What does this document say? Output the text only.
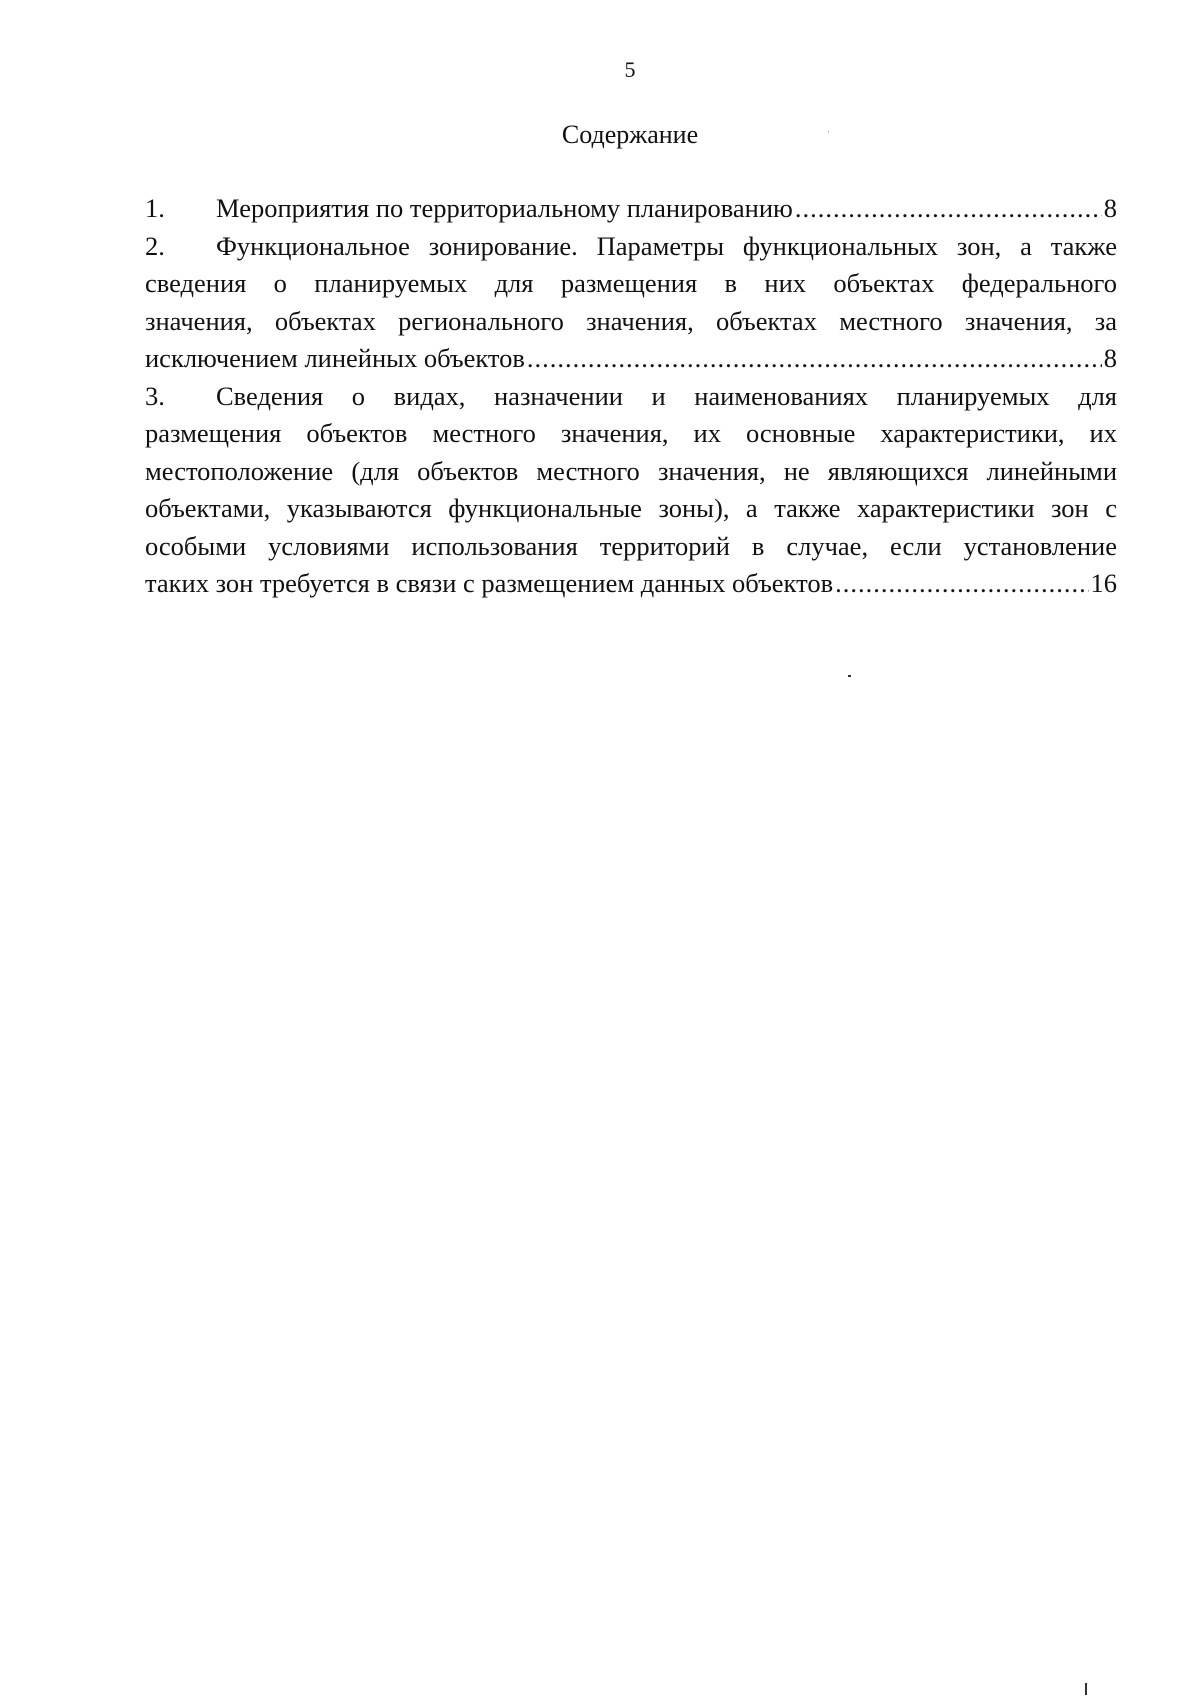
5
Содержание
1.	Мероприятия по территориальному планированию .....	8
2. Функциональное зонирование. Параметры функциональных зон, а также
сведения о планируемых для размещения в них объектах федерального
значения, объектах регионального значения, объектах местного значения, за
исключением линейных объектов .....	8
3. Сведения о видах, назначении и наименованиях планируемых для
размещения объектов местного значения, их основные характеристики, их
местоположение (для объектов местного значения, не являющихся линейными
объектами, указываются функциональные зоны), а также характеристики зон с
особыми условиями использования территорий в случае, если установление
таких зон требуется в связи с размещением данных объектов .....	16
